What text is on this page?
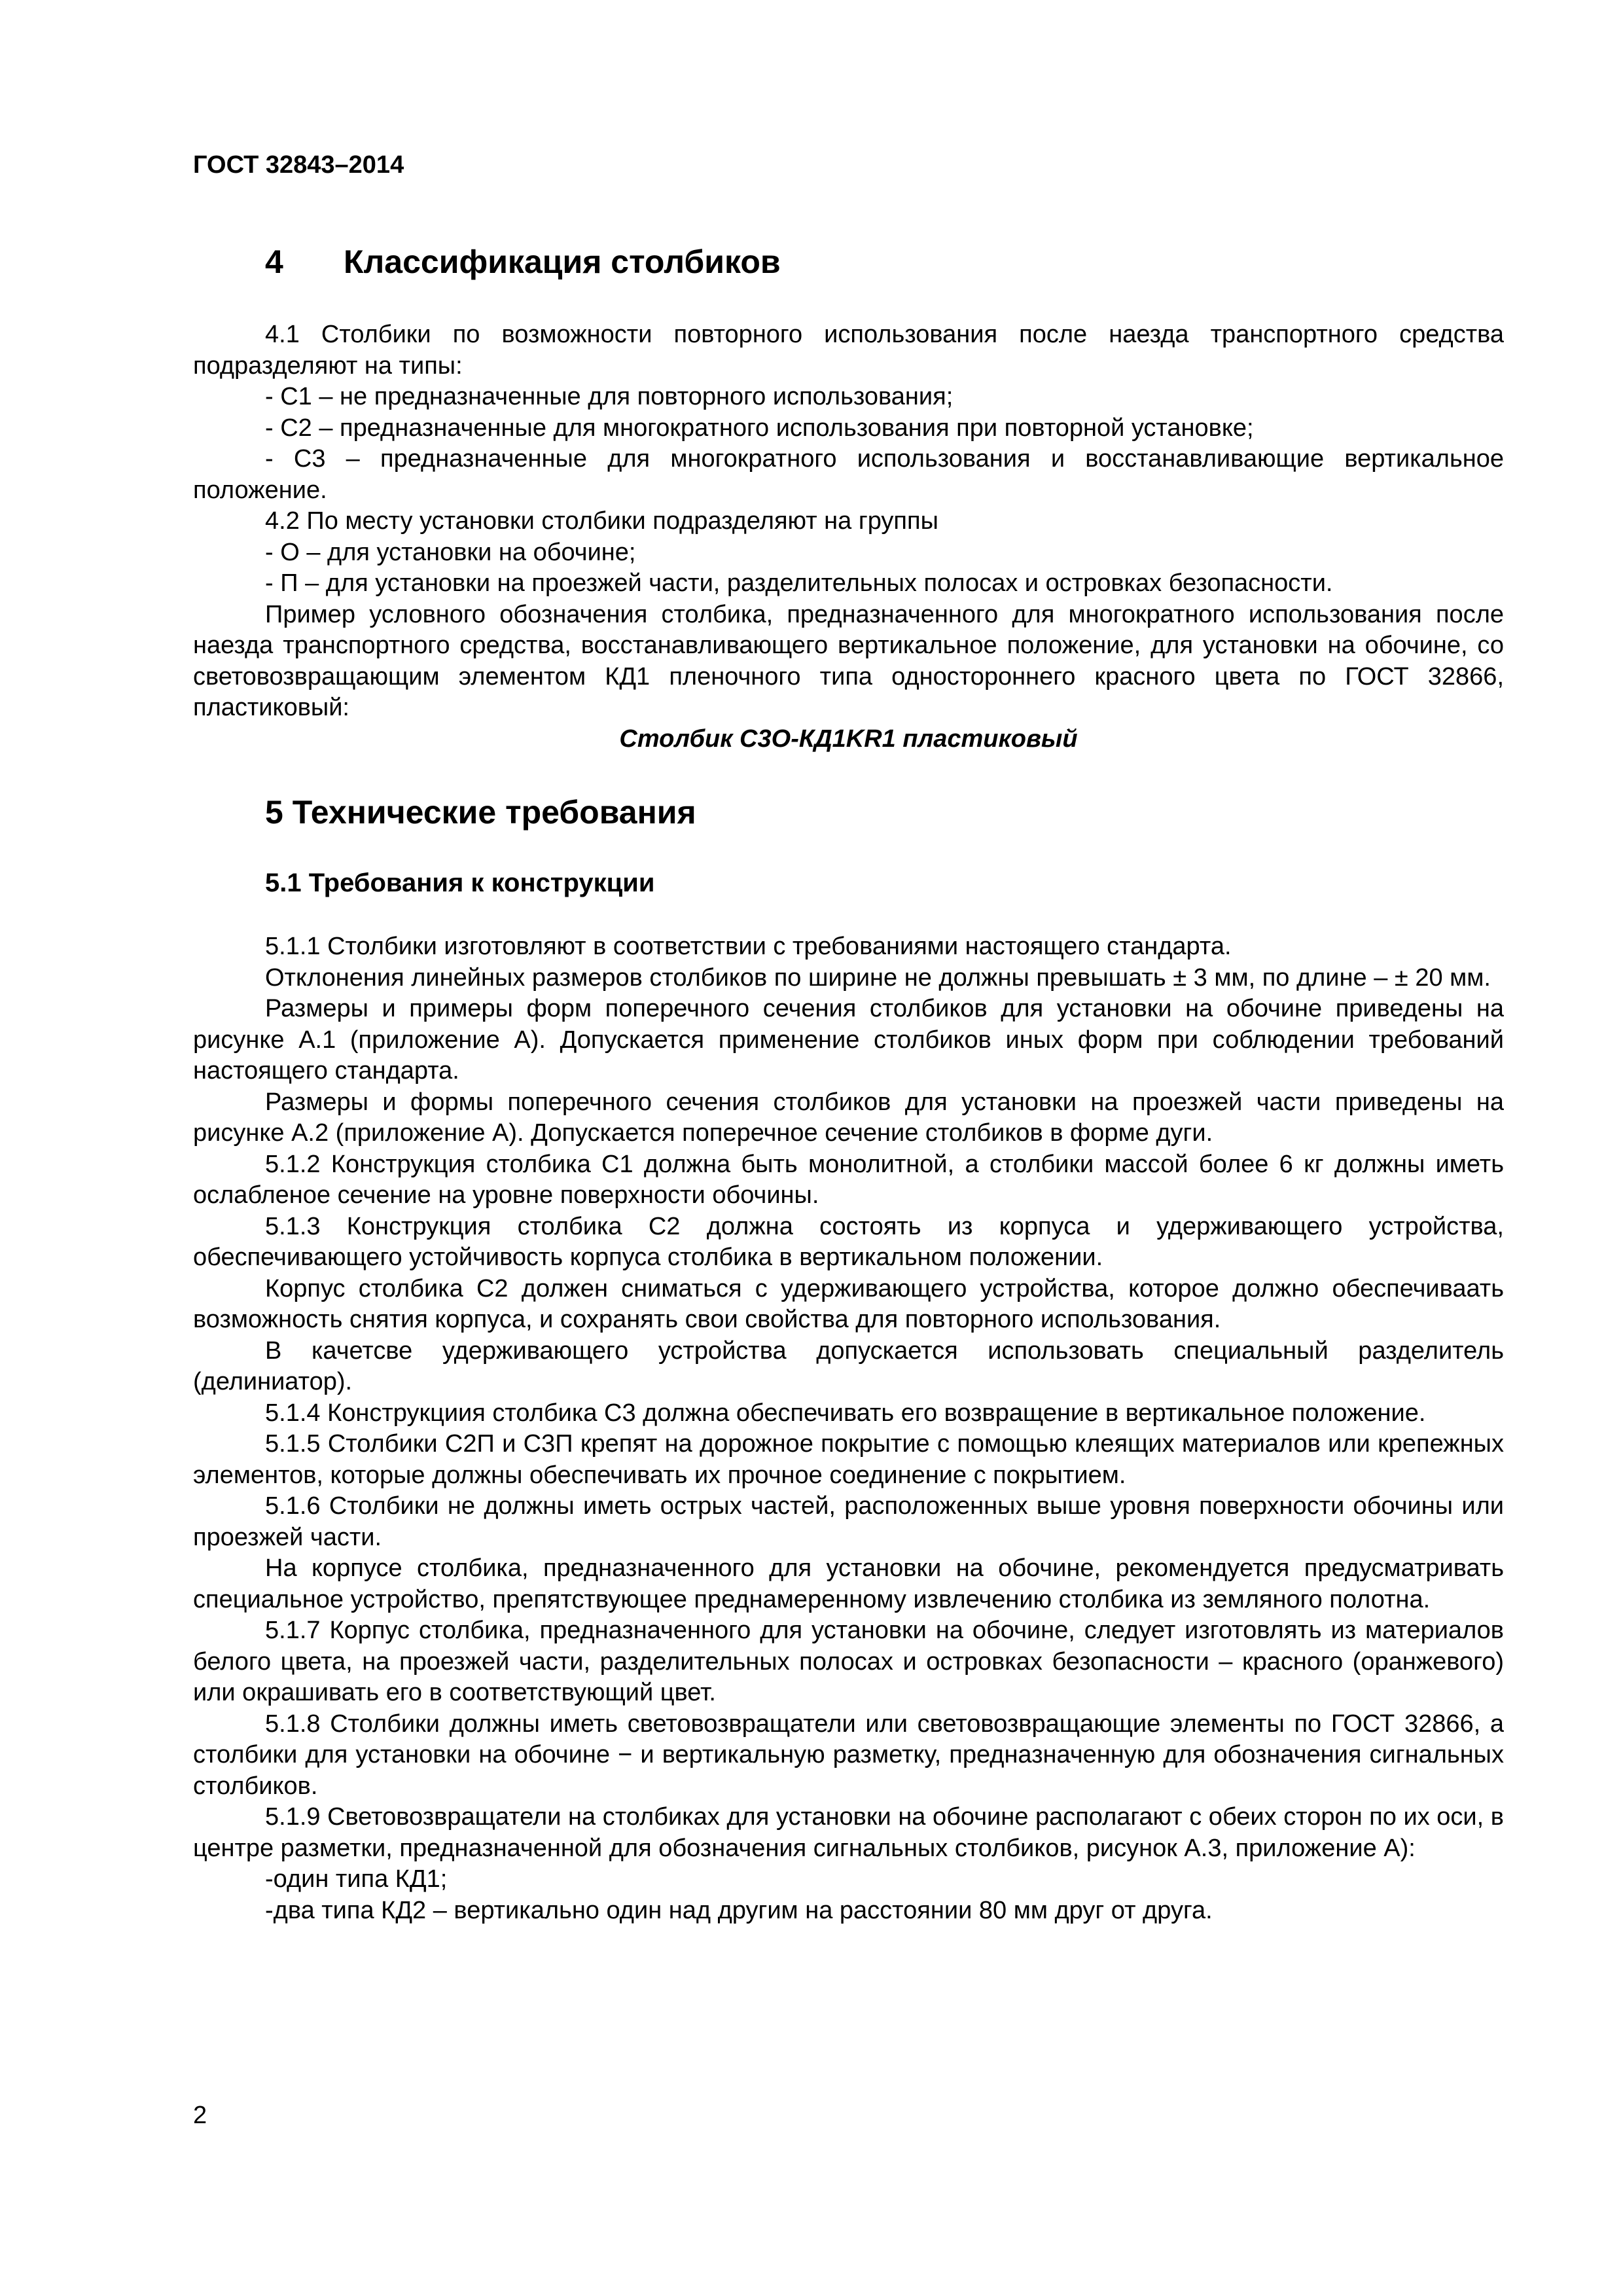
ГОСТ 32843–2014
4	Классификация столбиков

4.1 Столбики по возможности повторного использования после наезда транспортного средства подразделяют на типы:

- С1 – не предназначенные для повторного использования;

- С2 – предназначенные для многократного использования при повторной установке;

- С3 – предназначенные для многократного использования и восстанавливающие вертикальное положение.

4.2 По месту установки столбики подразделяют на группы

- О – для установки на обочине;

- П – для установки на проезжей части, разделительных полосах и островках безопасности.

Пример условного обозначения столбика, предназначенного для многократного использования после наезда транспортного средства, восстанавливающего вертикальное положение, для установки на обочине, со световозвращающим элементом КД1 пленочного типа одностороннего красного цвета по ГОСТ 32866, пластиковый:

Столбик С3О-КД1KR1 пластиковый

5 Технические требования
5.1 Требования к конструкции

5.1.1 Столбики изготовляют в соответствии с требованиями настоящего стандарта.

Отклонения линейных размеров столбиков по ширине не должны превышать ± 3 мм, по длине – ± 20 мм.

Размеры и примеры форм поперечного сечения столбиков для установки на обочине приведены на рисунке А.1 (приложение А). Допускается применение столбиков иных форм при соблюдении требований настоящего стандарта.

Размеры и формы поперечного сечения столбиков для установки на проезжей части приведены на рисунке А.2 (приложение А). Допускается поперечное сечение столбиков в форме дуги.

5.1.2 Конструкция столбика С1 должна быть монолитной, а столбики массой более 6 кг должны иметь ослабленое сечение на уровне поверхности обочины.

5.1.3 Конструкция столбика С2 должна состоять из корпуса и удерживающего устройства, обеспечивающего устойчивость корпуса столбика в вертикальном положении.

Корпус столбика С2 должен сниматься с удерживающего устройства, которое должно обеспечиваать возможность снятия корпуса, и сохранять свои свойства для повторного использования.

В качетсве удерживающего устройства допускается использовать специальный разделитель (делиниатор).

5.1.4 Конструкциия столбика С3 должна обеспечивать его возвращение в вертикальное положение.

5.1.5 Столбики С2П и С3П крепят на дорожное покрытие с помощью клеящих материалов или крепежных элементов, которые должны обеспечивать их прочное соединение с покрытием.

5.1.6 Столбики не должны иметь острых частей, расположенных выше уровня поверхности обочины или проезжей части.

На корпусе столбика, предназначенного для установки на обочине, рекомендуется предусматривать специальное устройство, препятствующее преднамеренному извлечению столбика из земляного полотна.

5.1.7 Корпус столбика, предназначенного для установки на обочине, следует изготовлять из материалов белого цвета, на проезжей части, разделительных полосах и островках безопасности – красного (оранжевого) или окрашивать его в соответствующий цвет.

5.1.8 Столбики должны иметь световозвращатели или световозвращающие элементы по ГОСТ 32866, а столбики для установки на обочине − и вертикальную разметку, предназначенную для обозначения сигнальных столбиков.

5.1.9 Световозвращатели на столбиках для установки на обочине располагают с обеих сторон по их оси, в центре разметки, предназначенной для обозначения сигнальных столбиков, рисунок А.3, приложение А):

-один типа КД1;

-два типа КД2 – вертикально один над другим на расстоянии 80 мм друг от друга.

2
